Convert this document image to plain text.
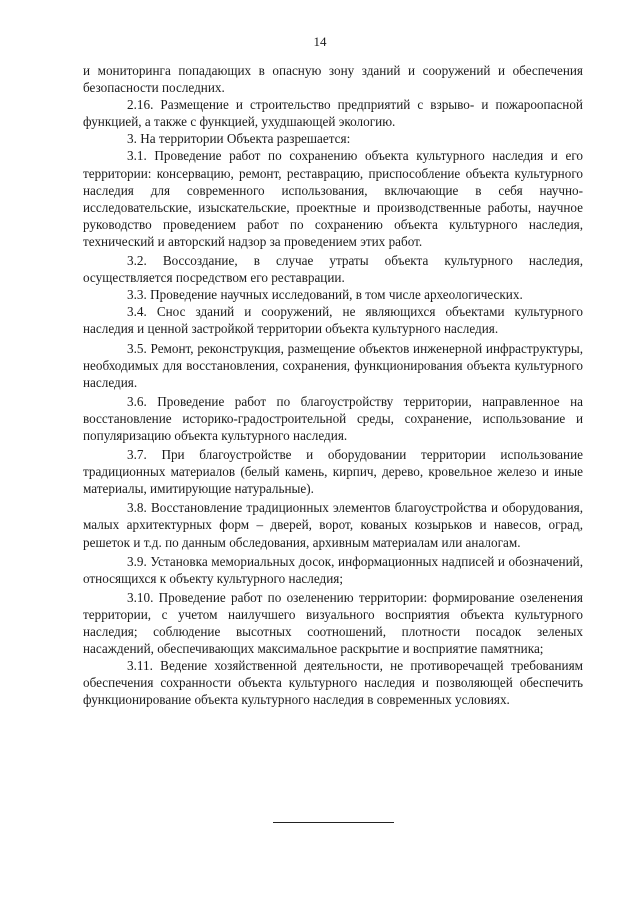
14

и мониторинга попадающих в опасную зону зданий и сооружений и обеспечения безопасности последних.

2.16. Размещение и строительство предприятий с взрыво- и пожароопасной функцией, а также с функцией, ухудшающей экологию.

3. На территории Объекта разрешается:

3.1. Проведение работ по сохранению объекта культурного наследия и его территории: консервацию, ремонт, реставрацию, приспособление объекта культурного наследия для современного использования, включающие в себя научно-исследовательские, изыскательские, проектные и производственные работы, научное руководство проведением работ по сохранению объекта культурного наследия, технический и авторский надзор за проведением этих работ.

3.2. Воссоздание, в случае утраты объекта культурного наследия, осуществляется посредством его реставрации.

3.3. Проведение научных исследований, в том числе археологических.

3.4. Снос зданий и сооружений, не являющихся объектами культурного наследия и ценной застройкой территории объекта культурного наследия.

3.5. Ремонт, реконструкция, размещение объектов инженерной инфраструктуры, необходимых для восстановления, сохранения, функционирования объекта культурного наследия.

3.6. Проведение работ по благоустройству территории, направленное на восстановление историко-градостроительной среды, сохранение, использование и популяризацию объекта культурного наследия.

3.7. При благоустройстве и оборудовании территории использование традиционных материалов (белый камень, кирпич, дерево, кровельное железо и иные материалы, имитирующие натуральные).

3.8. Восстановление традиционных элементов благоустройства и оборудования, малых архитектурных форм – дверей, ворот, кованых козырьков и навесов, оград, решеток и т.д. по данным обследования, архивным материалам или аналогам.

3.9. Установка мемориальных досок, информационных надписей и обозначений, относящихся к объекту культурного наследия;

3.10. Проведение работ по озеленению территории: формирование озеленения территории, с учетом наилучшего визуального восприятия объекта культурного наследия; соблюдение высотных соотношений, плотности посадок зеленых насаждений, обеспечивающих максимальное раскрытие и восприятие памятника;

3.11. Ведение хозяйственной деятельности, не противоречащей требованиям обеспечения сохранности объекта культурного наследия и позволяющей обеспечить функционирование объекта культурного наследия в современных условиях.
